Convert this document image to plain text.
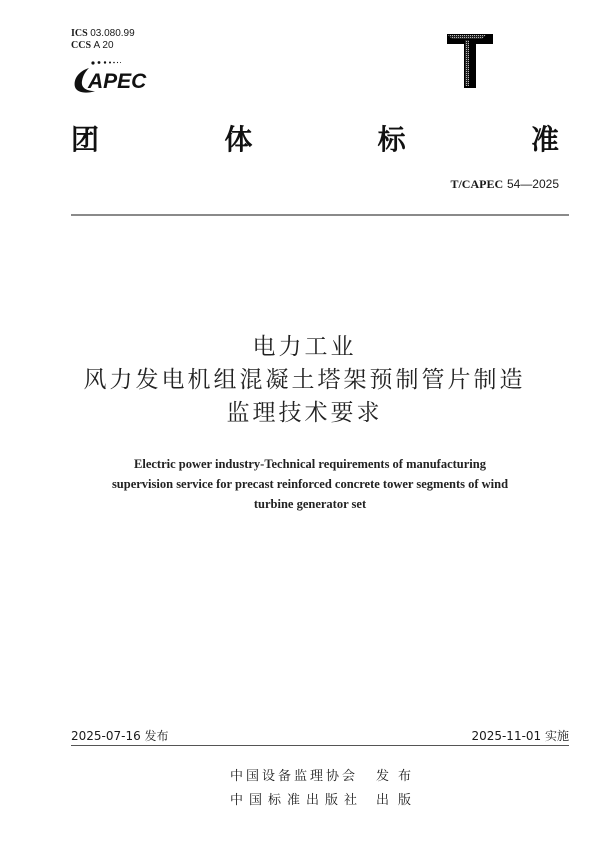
ICS 03.080.99
CCS A 20
APEC
团	体	标	准
T/CAPEC 54—2025
电力工业
风力发电机组混凝土塔架预制管片制造
监理技术要求
Electric power industry-Technical requirements of manufacturing
supervision service for precast reinforced concrete tower segments of wind
turbine generator set
2025-07-16 发布	2025-11-01 实施
中国设备监理协会	发布
中国标准出版社 出版
